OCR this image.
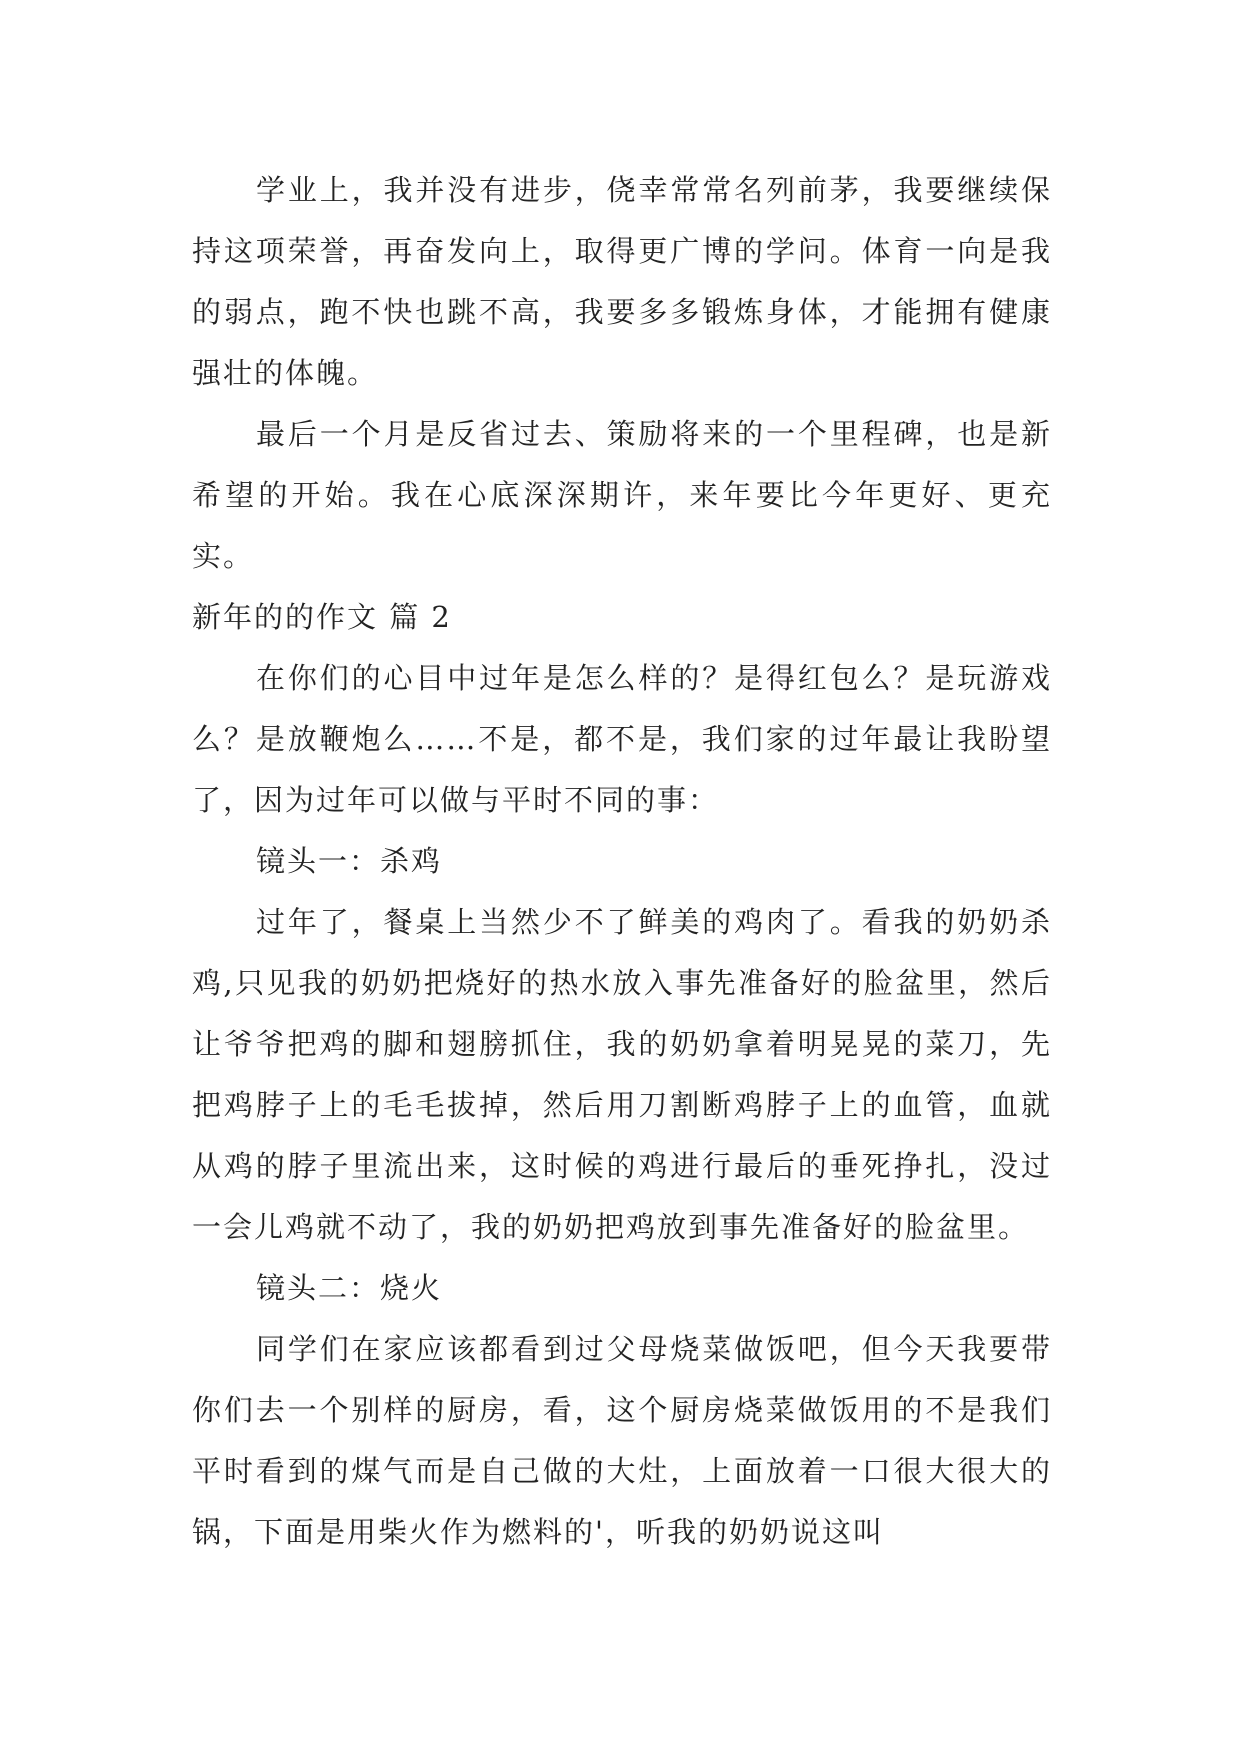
学业上，我并没有进步，侥幸常常名列前茅，我要继续保持这项荣誉，再奋发向上，取得更广博的学问。体育一向是我的弱点，跑不快也跳不高，我要多多锻炼身体，才能拥有健康强壮的体魄。

最后一个月是反省过去、策励将来的一个里程碑，也是新希望的开始。我在心底深深期许，来年要比今年更好、更充实。

新年的的作文 篇 2

在你们的心目中过年是怎么样的？是得红包么？是玩游戏么？是放鞭炮么……不是，都不是，我们家的过年最让我盼望了，因为过年可以做与平时不同的事：

镜头一：杀鸡

过年了，餐桌上当然少不了鲜美的鸡肉了。看我的奶奶杀鸡,只见我的奶奶把烧好的热水放入事先准备好的脸盆里，然后让爷爷把鸡的脚和翅膀抓住，我的奶奶拿着明晃晃的菜刀，先把鸡脖子上的毛毛拔掉，然后用刀割断鸡脖子上的血管，血就从鸡的脖子里流出来，这时候的鸡进行最后的垂死挣扎，没过一会儿鸡就不动了，我的奶奶把鸡放到事先准备好的脸盆里。

镜头二：烧火

同学们在家应该都看到过父母烧菜做饭吧，但今天我要带你们去一个别样的厨房，看，这个厨房烧菜做饭用的不是我们平时看到的煤气而是自己做的大灶，上面放着一口很大很大的锅，下面是用柴火作为燃料的'，听我的奶奶说这叫
